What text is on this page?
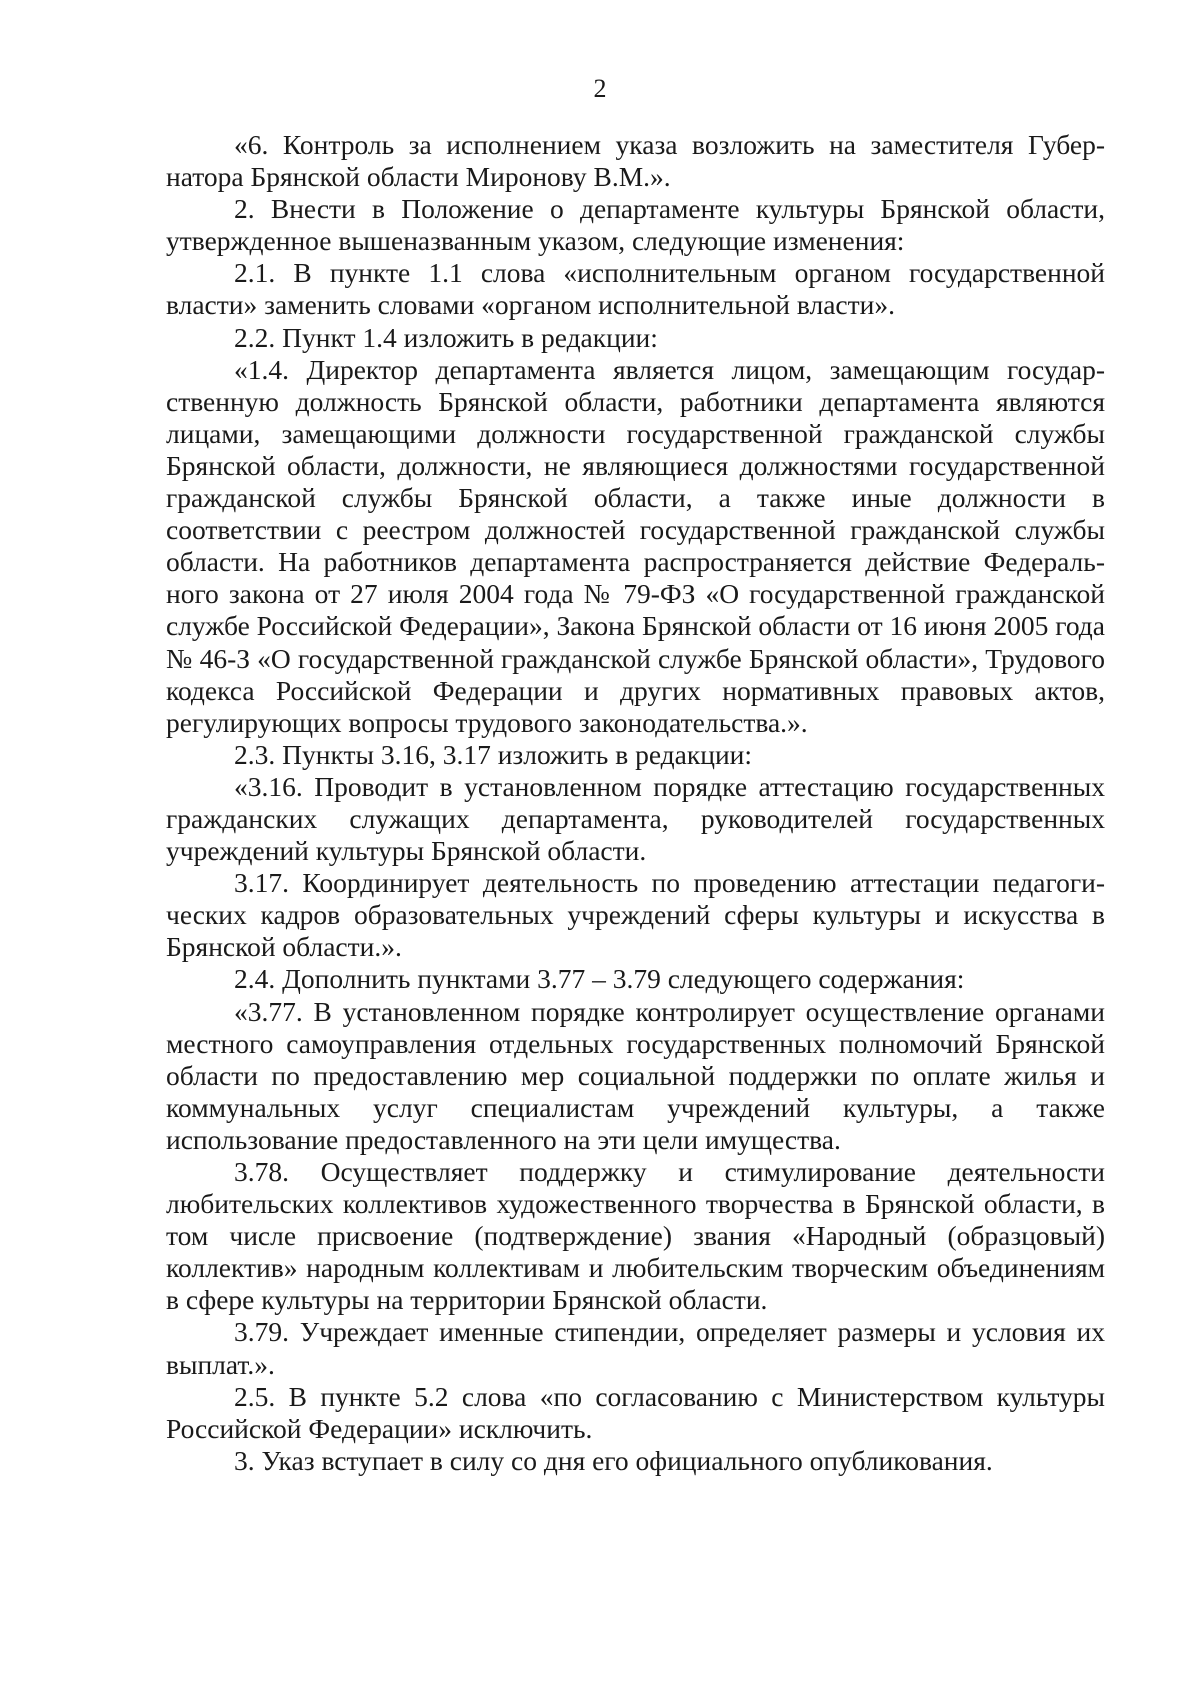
2

«6. Контроль за исполнением указа возложить на заместителя Губернатора Брянской области Миронову В.М.».

2. Внести в Положение о департаменте культуры Брянской области, утвержденное вышеназванным указом, следующие изменения:

2.1. В пункте 1.1 слова «исполнительным органом государственной власти» заменить словами «органом исполнительной власти».

2.2. Пункт 1.4 изложить в редакции:

«1.4. Директор департамента является лицом, замещающим государственную должность Брянской области, работники департамента являются лицами, замещающими должности государственной гражданской службы Брянской области, должности, не являющиеся должностями государственной гражданской службы Брянской области, а также иные должности в соответствии с реестром должностей государственной гражданской службы области. На работников департамента распространяется действие Федерального закона от 27 июля 2004 года № 79-ФЗ «О государственной гражданской службе Российской Федерации», Закона Брянской области от 16 июня 2005 года № 46-З «О государственной гражданской службе Брянской области», Трудового кодекса Российской Федерации и других нормативных правовых актов, регулирующих вопросы трудового законодательства.».

2.3. Пункты 3.16, 3.17 изложить в редакции:

«3.16. Проводит в установленном порядке аттестацию государственных гражданских служащих департамента, руководителей государственных учреждений культуры Брянской области.

3.17. Координирует деятельность по проведению аттестации педагогических кадров образовательных учреждений сферы культуры и искусства в Брянской области.».

2.4. Дополнить пунктами 3.77 – 3.79 следующего содержания:

«3.77. В установленном порядке контролирует осуществление органами местного самоуправления отдельных государственных полномочий Брянской области по предоставлению мер социальной поддержки по оплате жилья и коммунальных услуг специалистам учреждений культуры, а также использование предоставленного на эти цели имущества.

3.78. Осуществляет поддержку и стимулирование деятельности любительских коллективов художественного творчества в Брянской области, в том числе присвоение (подтверждение) звания «Народный (образцовый) коллектив» народным коллективам и любительским творческим объединениям в сфере культуры на территории Брянской области.

3.79. Учреждает именные стипендии, определяет размеры и условия их выплат.».

2.5. В пункте 5.2 слова «по согласованию с Министерством культуры Российской Федерации» исключить.

3. Указ вступает в силу со дня его официального опубликования.
